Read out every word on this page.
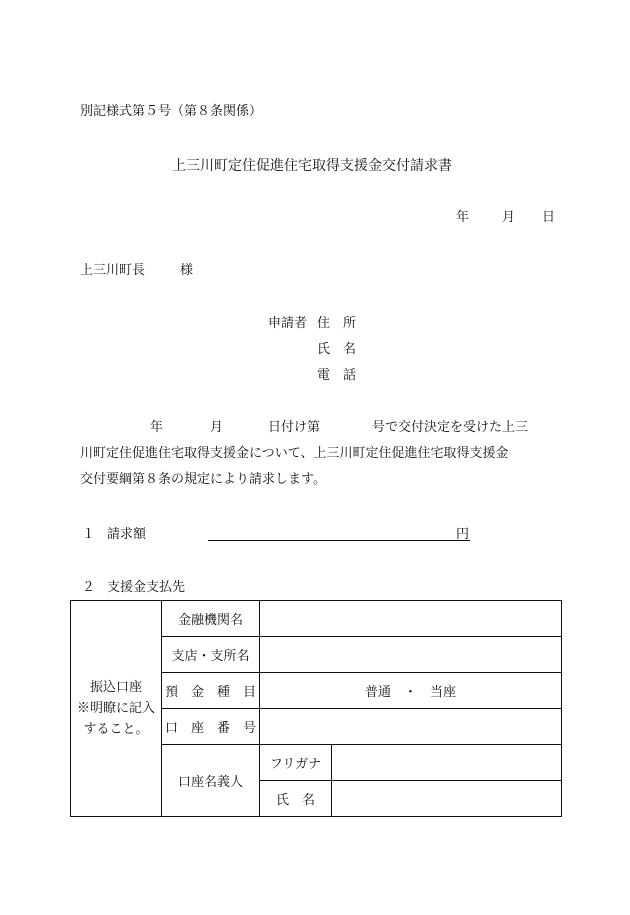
別記様式第５号（第８条関係）
上三川町定住促進住宅取得支援金交付請求書
年	月 日
上三川町長	様
申請者 住　所
氏　名
電　話
年	月	日付け第	号で交付決定を受けた上三
川町定住促進住宅取得支援金について、上三川町定住促進住宅取得支援金
交付要綱第８条の規定により請求します。
１ 請求額	円
２ 支援金支払先
振込口座
※明瞭に記入
すること。	金融機関名		
	支店・支所名		
	預　金　種　目	普通　・　当座	
	口　座　番　号		
	口座名義人	フリガナ	
		氏　名	
